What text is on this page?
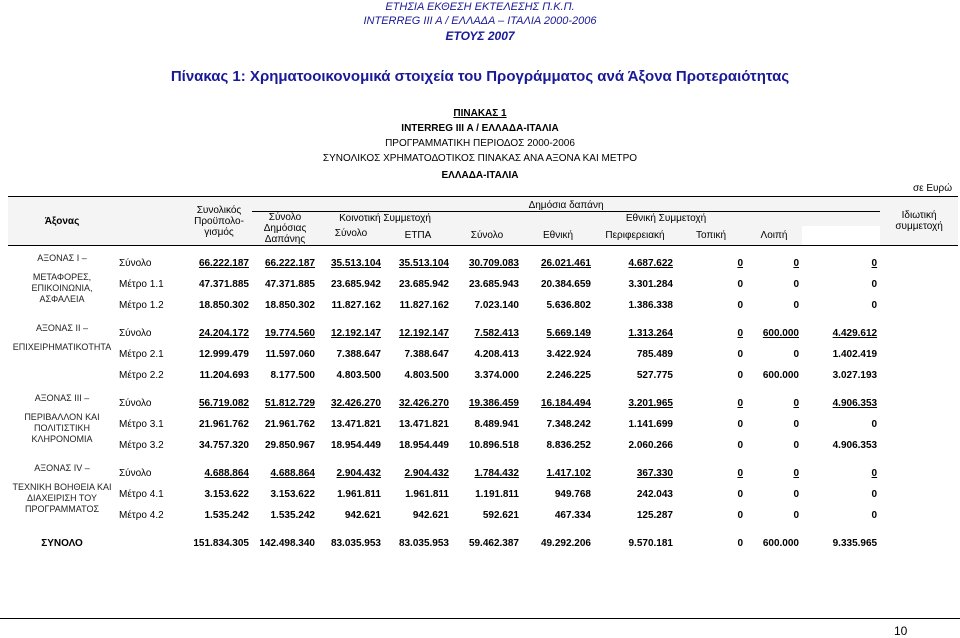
ΕΤΗΣΙΑ ΕΚΘΕΣΗ ΕΚΤΕΛΕΣΗΣ Π.Κ.Π.
INTERREG III A / ΕΛΛΑΔΑ – ΙΤΑΛΙΑ 2000-2006
ΕΤΟΥΣ 2007
Πίνακας 1: Χρηματοοικονομικά στοιχεία του Προγράμματος ανά Άξονα Προτεραιότητας
ΠΙΝΑΚΑΣ 1
INTERREG III A / ΕΛΛΑΔΑ-ΙΤΑΛΙΑ
ΠΡΟΓΡΑΜΜΑΤΙΚΗ ΠΕΡΙΟΔΟΣ 2000-2006
ΣΥΝΟΛΙΚΟΣ ΧΡΗΜΑΤΟΔΟΤΙΚΟΣ ΠΙΝΑΚΑΣ ΑΝΑ ΑΞΟΝΑ ΚΑΙ ΜΕΤΡΟ
ΕΛΛΑΔΑ-ΙΤΑΛΙΑ
σε Ευρώ
Άξονας		Συνολικός Προϋπολο-γισμός	Δημόσια δαπάνη									Ιδιωτική συμμετοχή
			Σύνολο Δημόσιας Δαπάνης	Κοινοτική Συμμετοχή		Εθνική Συμμετοχή						
				Σύνολο	ΕΤΠΑ	Σύνολο	Εθνική	Περιφερειακή	Τοπική	Λοιπή		

ΑΞΟΝΑΣ Ι –
ΜΕΤΑΦΟΡΕΣ, ΕΠΙΚΟΙΝΩΝΙΑ, ΑΣΦΑΛΕΙΑ	Σύνολο	66.222.187	66.222.187	35.513.104	35.513.104	30.709.083	26.021.461	4.687.622	0	0	0	
	Μέτρο 1.1	47.371.885	47.371.885	23.685.942	23.685.942	23.685.943	20.384.659	3.301.284	0	0	0	
	Μέτρο 1.2	18.850.302	18.850.302	11.827.162	11.827.162	7.023.140	5.636.802	1.386.338	0	0	0	

ΑΞΟΝΑΣ ΙΙ –
ΕΠΙΧΕΙΡΗΜΑΤΙΚΟΤΗΤΑ	Σύνολο	24.204.172	19.774.560	12.192.147	12.192.147	7.582.413	5.669.149	1.313.264	0	600.000	4.429.612	
	Μέτρο 2.1	12.999.479	11.597.060	7.388.647	7.388.647	4.208.413	3.422.924	785.489	0	0	1.402.419	
	Μέτρο 2.2	11.204.693	8.177.500	4.803.500	4.803.500	3.374.000	2.246.225	527.775	0	600.000	3.027.193	

ΑΞΟΝΑΣ ΙΙΙ –
ΠΕΡΙΒΑΛΛΟΝ ΚΑΙ ΠΟΛΙΤΙΣΤΙΚΗ ΚΛΗΡΟΝΟΜΙΑ	Σύνολο	56.719.082	51.812.729	32.426.270	32.426.270	19.386.459	16.184.494	3.201.965	0	0	4.906.353	
	Μέτρο 3.1	21.961.762	21.961.762	13.471.821	13.471.821	8.489.941	7.348.242	1.141.699	0	0	0	
	Μέτρο 3.2	34.757.320	29.850.967	18.954.449	18.954.449	10.896.518	8.836.252	2.060.266	0	0	4.906.353	

ΑΞΟΝΑΣ IV –
ΤΕΧΝΙΚΗ ΒΟΗΘΕΙΑ ΚΑΙ ΔΙΑΧΕΙΡΙΣΗ ΤΟΥ ΠΡΟΓΡΑΜΜΑΤΟΣ	Σύνολο	4.688.864	4.688.864	2.904.432	2.904.432	1.784.432	1.417.102	367.330	0	0	0	
	Μέτρο 4.1	3.153.622	3.153.622	1.961.811	1.961.811	1.191.811	949.768	242.043	0	0	0	
	Μέτρο 4.2	1.535.242	1.535.242	942.621	942.621	592.621	467.334	125.287	0	0	0	

ΣΥΝΟΛΟ		151.834.305	142.498.340	83.035.953	83.035.953	59.462.387	49.292.206	9.570.181	0	600.000	9.335.965	
10
